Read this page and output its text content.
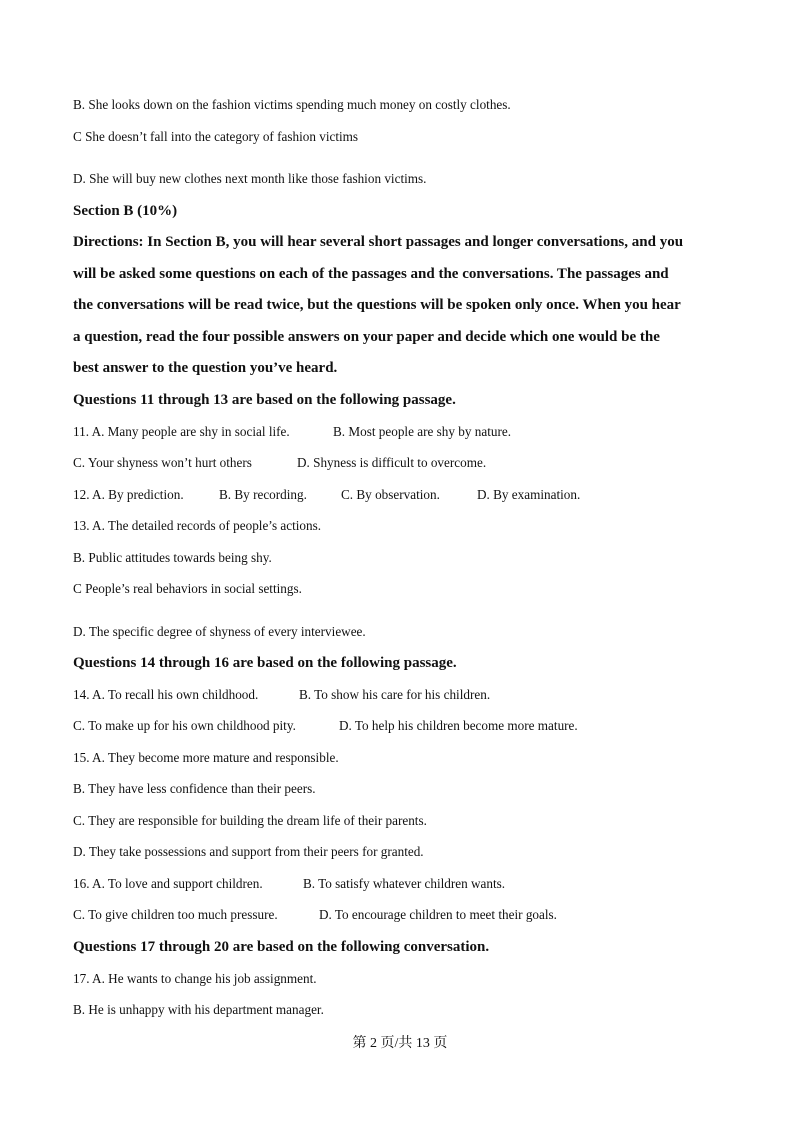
B. She looks down on the fashion victims spending much money on costly clothes.
C She doesn’t fall into the category of fashion victims
D. She will buy new clothes next month like those fashion victims.
Section B (10%)
Directions: In Section B, you will hear several short passages and longer conversations, and you
will be asked some questions on each of the passages and the conversations. The passages and
the conversations will be read twice, but the questions will be spoken only once. When you hear
a question, read the four possible answers on your paper and decide which one would be the
best answer to the question you’ve heard.
Questions 11 through 13 are based on the following passage.
11. A. Many people are shy in social life.	B. Most people are shy by nature.
C. Your shyness won’t hurt others	D. Shyness is difficult to overcome.
12. A. By prediction.	B. By recording.	C. By observation.	D. By examination.
13. A. The detailed records of people’s actions.
B. Public attitudes towards being shy.
C People’s real behaviors in social settings.
D. The specific degree of shyness of every interviewee.
Questions 14 through 16 are based on the following passage.
14. A. To recall his own childhood.	B. To show his care for his children.
C. To make up for his own childhood pity.	D. To help his children become more mature.
15. A. They become more mature and responsible.
B. They have less confidence than their peers.
C. They are responsible for building the dream life of their parents.
D. They take possessions and support from their peers for granted.
16. A. To love and support children.	B. To satisfy whatever children wants.
C. To give children too much pressure.	D. To encourage children to meet their goals.
Questions 17 through 20 are based on the following conversation.
17. A. He wants to change his job assignment.
B. He is unhappy with his department manager.
第 2 页/共 13 页
